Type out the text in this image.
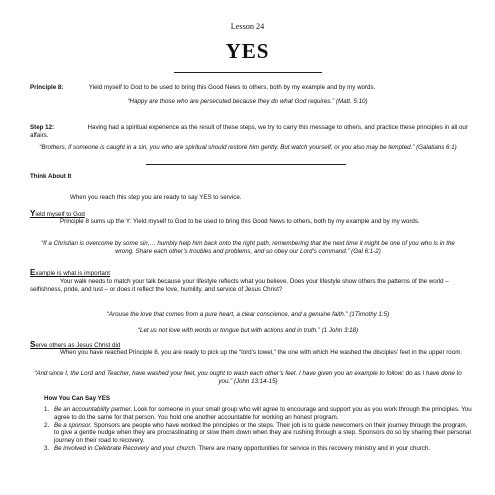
Lesson 24
YES
Principle 8:	Yield myself to God to be used to bring this Good News to others, both by my example and by my words.
“Happy are those who are persecuted because they do what God requires.” (Matt. 5:10)
Step 12:	Having had a spiritual experience as the result of these steps, we try to carry this message to others, and practice these principles in all our affairs.
“Brothers, if someone is caught in a sin, you who are spiritual should restore him gently. But watch yourself, or you also may be tempted.” (Galatians 6:1)
Think About It
When you reach this step you are ready to say YES to service.
Yield myself to God
Principle 8 sums up the Y: Yield myself to God to be used to bring this Good News to others, both by my example and by my words.
“If a Christian is overcome by some sin,… humbly help him back onto the right path, remembering that the next time it might be one of you who is in the wrong. Share each other’s troubles and problems, and so obey our Lord’s command.” (Gal 6:1-2)
Example is what is important
Your walk needs to match your talk because your lifestyle reflects what you believe. Does your lifestyle show others the patterns of the world – selfishness, pride, and lust – or does it reflect the love, humility, and service of Jesus Christ?
“Arouse the love that comes from a pure heart, a clear conscience, and a genuine faith.” (1Timothy 1:5)
“Let us not love with words or tongue but with actions and in truth.” (1 John 3:18)
Serve others as Jesus Christ did
When you have reached Principle 8, you are ready to pick up the “lord’s towel,” the one with which He washed the disciples’ feet in the upper room.
“And since I, the Lord and Teacher, have washed your feet, you ought to wash each other’s feet. I have given you an example to follow: do as I have done to you.” (John 13:14-15)
How You Can Say YES
1. Be an accountability partner. Look for someone in your small group who will agree to encourage and support you as you work through the principles. You agree to do the same for that person. You hold one another accountable for working an honest program.
2. Be a sponsor. Sponsors are people who have worked the principles or the steps. Their job is to guide newcomers on their journey through the program, to give a gentle nudge when they are procrastinating or slow them down when they are rushing through a step. Sponsors do so by sharing their personal journey on their road to recovery.
3. Be involved in Celebrate Recovery and your church. There are many opportunities for service in this recovery ministry and in your church.
